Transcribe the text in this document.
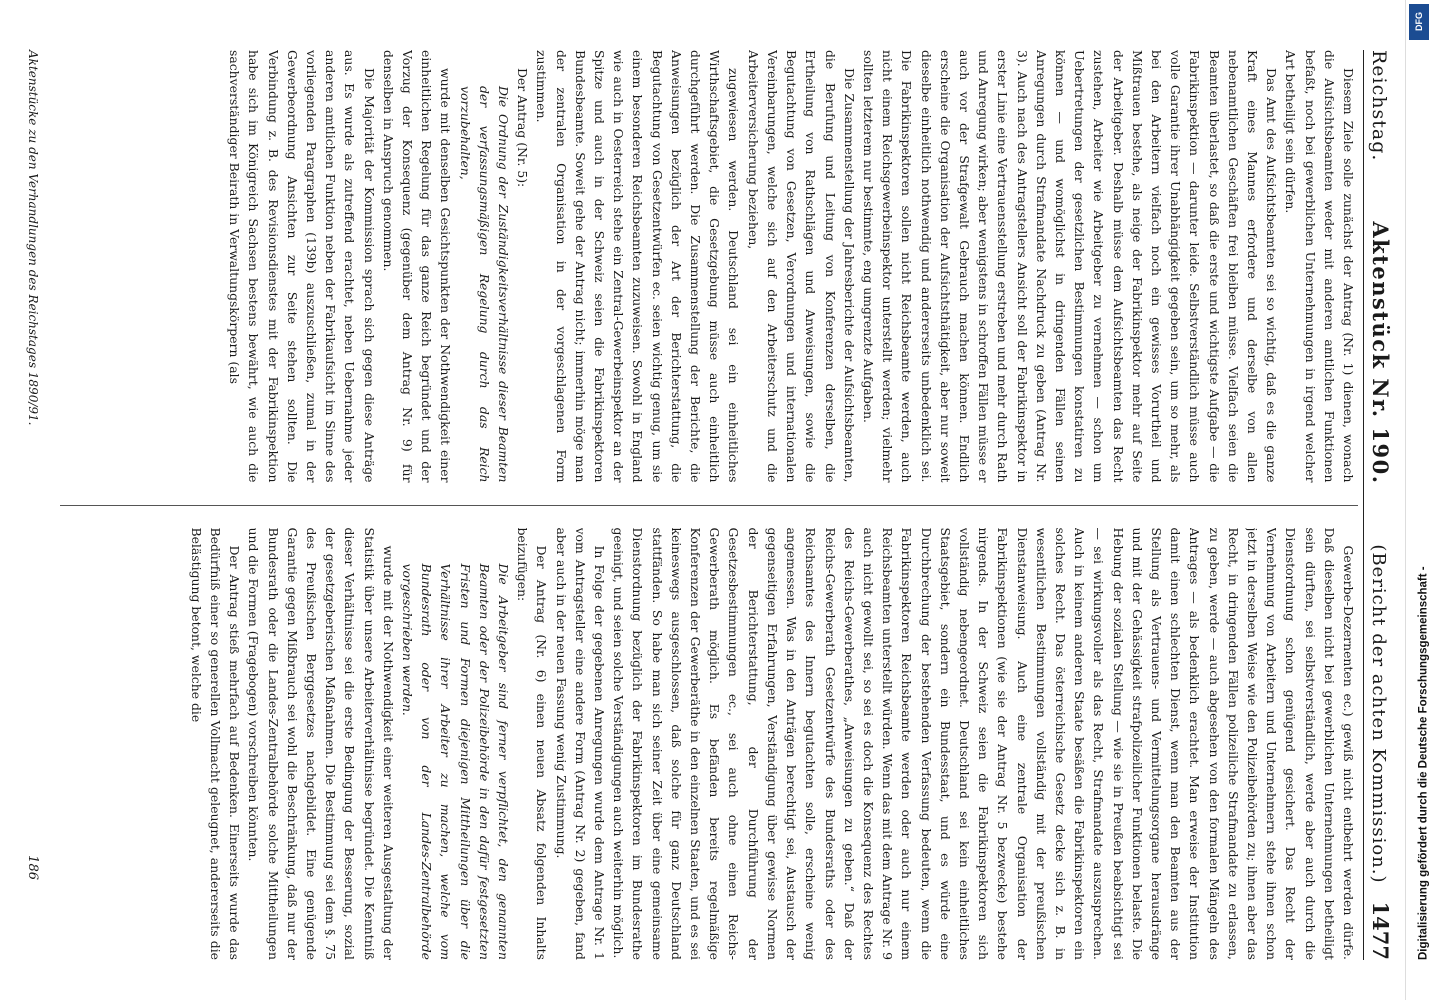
Reichstag.
Aktenstück Nr. 190.
(Bericht der achten Kommission.)
1477

Diesem Ziele solle zunächst der Antrag (Nr. 1) dienen, wonach die Aufsichtsbeamten weder mit anderen amtlichen Funktionen befaßt, noch bei gewerblichen Unternehmungen in irgend welcher Art betheiligt sein dürfen.

Das Amt des Aufsichtsbeamten sei so wichtig, daß es die ganze Kraft eines Mannes erfordere und derselbe von allen nebenamtlichen Geschäften frei bleiben müsse. Vielfach seien die Beamten überlastet, so daß die erste und wichtigste Aufgabe — die Fabrikinspektion — darunter leide. Selbstverständlich müsse auch volle Garantie ihrer Unabhängigkeit gegeben sein, um so mehr, als bei den Arbeitern vielfach noch ein gewisses Vorurtheil und Mißtrauen bestehe, als neige der Fabrikinspektor mehr auf Seite der Arbeitgeber. Deshalb müsse dem Aufsichtsbeamten das Recht zustehen, Arbeiter wie Arbeitgeber zu vernehmen — schon um Uebertretungen der gesetzlichen Bestimmungen konstatiren zu können — und womöglichst in dringenden Fällen seinen Anregungen durch Strafmandate Nachdruck zu geben (Antrag Nr. 3). Auch nach des Antragstellers Ansicht soll der Fabrikinspektor in erster Linie eine Vertrauensstellung erstreben und mehr durch Rath und Anregung wirken; aber wenigstens in schroffen Fällen müsse er auch vor der Strafgewalt Gebrauch machen können. Endlich erscheine die Organisation der Aufsichtsthätigkeit, aber nur soweit dieselbe einheitlich nothwendig und andererseits unbedenklich sei. Die Fabrikinspektoren sollen nicht Reichsbeamte werden, auch nicht einem Reichsgewerbeinspektor unterstellt werden; vielmehr sollten letzterem nur bestimmte, eng umgrenzte Aufgaben.

Die Zusammenstellung der Jahresberichte der Aufsichtsbeamten, die Berufung und Leitung von Konferenzen derselben, die Ertheilung von Rathschlägen und Anweisungen, sowie die Begutachtung von Gesetzen, Verordnungen und internationalen Vereinbarungen, welche sich auf den Arbeiterschutz und die Arbeiterversicherung beziehen,

zugewiesen werden. Deutschland sei ein einheitliches Wirthschaftsgebiet, die Gesetzgebung müsse auch einheitlich durchgeführt werden. Die Zusammenstellung der Berichte, die Anweisungen bezüglich der Art der Berichterstattung, die Begutachtung von Gesetzentwürfen ec. seien wichtig genug, um sie einem besonderen Reichsbeamten zuzuweisen. Sowohl in England wie auch in Oesterreich stehe ein Zentral-Gewerbeinspektor an der Spitze und auch in der Schweiz seien die Fabrikinspektoren Bundesbeamte. Soweit gehe der Antrag nicht; immerhin möge man der zentralen Organisation in der vorgeschlagenen Form zustimmen.

Der Antrag (Nr. 5):

Die Ordnung der Zuständigkeitsverhältnisse dieser Beamten der verfassungsmäßigen Regelung durch das Reich vorzubehalten,

wurde mit denselben Gesichtspunkten der Nothwendigkeit einer einheitlichen Regelung für das ganze Reich begründet und der Vorzug der Konsequenz (gegenüber dem Antrag Nr. 9) für denselben in Anspruch genommen.

Die Majorität der Kommission sprach sich gegen diese Anträge aus. Es wurde als zutreffend erachtet, neben Uebernahme jeder anderen amtlichen Funktion neben der Fabrikaufsicht im Sinne des vorliegenden Paragraphen (139b) auszuschließen, zumal in der Gewerbeordnung Ansichten zur Seite stehen sollten. Die Verbindung z. B. des Revisionsdienstes mit der Fabrikinspektion habe sich im Königreich Sachsen bestens bewährt, wie auch die sachverständiger Beirath in Verwaltungskörpern (als

Gewerbe-Dezernenten ec.) gewiß nicht entbehrt werden dürfe. Daß dieselben nicht bei gewerblichen Unternehmungen betheiligt sein dürften, sei selbstverständlich, werde aber auch durch die Dienstordnung schon genügend gesichert. Das Recht der Vernehmung von Arbeitern und Unternehmern stehe ihnen schon jetzt in derselben Weise wie den Polizeibehörden zu; ihnen aber das Recht, in dringenden Fällen polizeiliche Strafmandate zu erlassen, zu geben, werde — auch abgesehen von den formalen Mängeln des Antrages — als bedenklich erachtet. Man erweise der Institution damit einen schlechten Dienst, wenn man den Beamten aus der Stellung als Vertrauens- und Vermittelungsorgane herausdränge und mit der Gehässigkeit strafpolizeilicher Funktionen belaste. Die Hebung der sozialen Stellung — wie sie in Preußen beabsichtigt sei — sei wirkungsvoller als das Recht, Strafmandate auszusprechen. Auch in keinem anderen Staate besäßen die Fabrikinspektoren ein solches Recht. Das österreichische Gesetz decke sich z. B. in wesentlichen Bestimmungen vollständig mit der preußischen Dienstanweisung. Auch eine zentrale Organisation der Fabrikinspektionen (wie sie der Antrag Nr. 5 bezwecke) bestehe nirgends. In der Schweiz seien die Fabrikinspektoren sich vollständig nebengeordnet. Deutschland sei kein einheitliches Staatsgebiet, sondern ein Bundesstaat, und es würde eine Durchbrechung der bestehenden Verfassung bedeuten, wenn die Fabrikinspektoren Reichsbeamte werden oder auch nur einem Reichsbeamten unterstellt würden. Wenn das mit dem Antrage Nr. 9 auch nicht gewollt sei, so sei es doch die Konsequenz des Rechtes des Reichs-Gewerberathes, „Anweisungen zu geben.“ Daß der Reichs-Gewerberath Gesetzentwürfe des Bundesraths oder des Reichsamtes des Innern begutachten solle, erscheine wenig angemessen. Was in den Anträgen berechtigt sei, Austausch der gegenseitigen Erfahrungen, Verständigung über gewisse Normen der Berichterstattung, der Durchführung der Gesetzesbestimmungen ec., sei auch ohne einen Reichs-Gewerberath möglich. Es befänden bereits regelmäßige Konferenzen der Gewerberäthe in den einzelnen Staaten, und es sei keineswegs ausgeschlossen, daß solche für ganz Deutschland stattfänden. So habe man sich seiner Zeit über eine gemeinsame Dienstordnung bezüglich der Fabrikinspektoren im Bundesrathe geeinigt, und seien solche Verständigungen auch weiterhin möglich.

In Folge der gegebenen Anregungen wurde dem Antrage Nr. 1 vom Antragsteller eine andere Form (Antrag Nr. 2) gegeben, fand aber auch in der neuen Fassung wenig Zustimmung.

Der Antrag (Nr. 6) einen neuen Absatz folgenden Inhalts beizufügen:

Die Arbeitgeber sind ferner verpflichtet, den genannten Beamten oder der Polizeibehörde in den dafür festgesetzten Fristen und Formen diejenigen Mittheilungen über die Verhältnisse ihrer Arbeiter zu machen, welche vom Bundesrath oder von der Landes-Zentralbehörde vorgeschrieben werden.

wurde mit der Nothwendigkeit einer weiteren Ausgestaltung der Statistik über unsere Arbeiterverhältnisse begründet. Die Kenntniß dieser Verhältnisse sei die erste Bedingung der Besserung, sozial der gesetzgeberischen Maßnahmen. Die Bestimmung sei dem §. 75 des Preußischen Berggesetzes nachgebildet. Eine genügende Garantie gegen Mißbrauch sei wohl die Beschränkung, daß nur der Bundesrath oder die Landes-Zentralbehörde solche Mittheilungen und die Formen (Fragebogen) vorschreiben könnten.

Der Antrag stieß mehrfach auf Bedenken. Einerseits wurde das Bedürfniß einer so generellen Vollmacht geleugnet, andererseits die Belästigung betont, welche die

Aktenstücke zu den Verhandlungen des Reichstages 1890/91.
186
DFG
Digitalisierung gefördert durch die Deutsche Forschungsgemeinschaft -
